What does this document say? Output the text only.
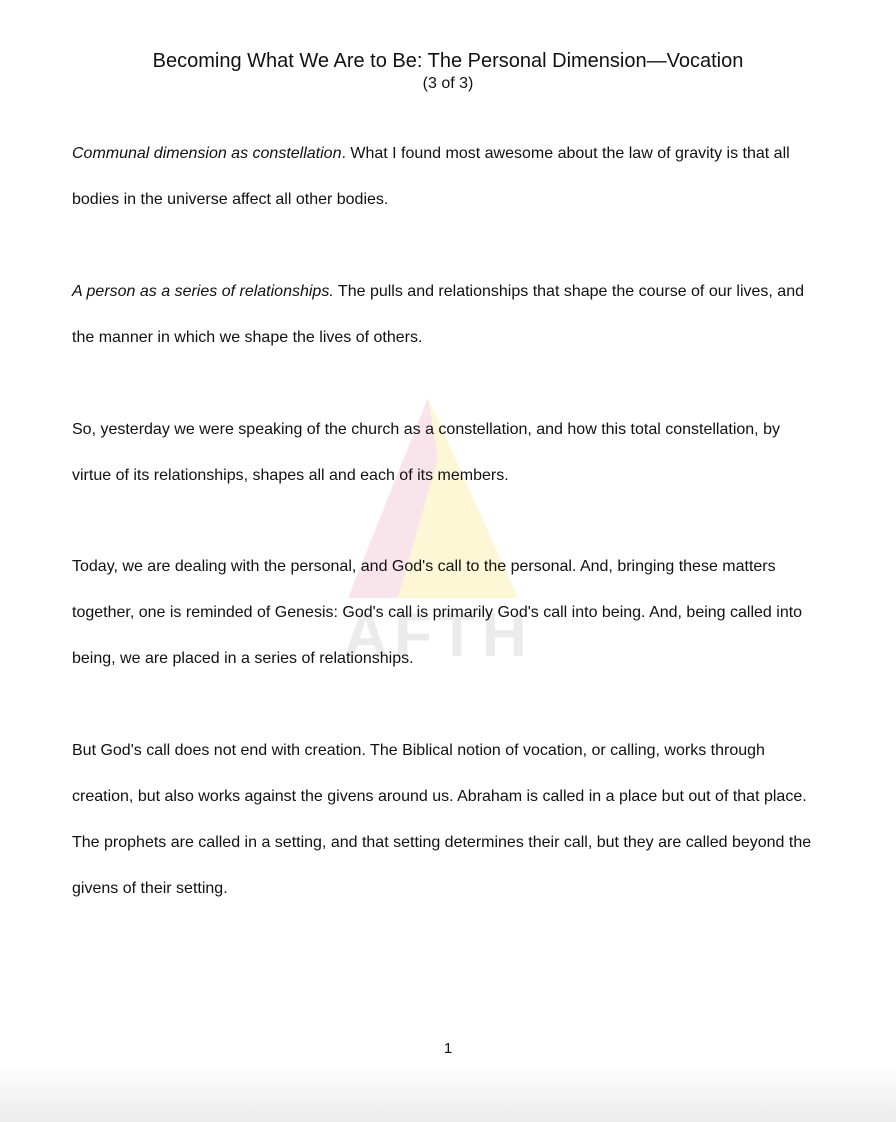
AFTH
Becoming What We Are to Be: The Personal Dimension—Vocation
(3 of 3)

Communal dimension as constellation. What I found most awesome about the law of gravity is that all bodies in the universe affect all other bodies.

A person as a series of relationships. The pulls and relationships that shape the course of our lives, and the manner in which we shape the lives of others.

So, yesterday we were speaking of the church as a constellation, and how this total constellation, by virtue of its relationships, shapes all and each of its members.

Today, we are dealing with the personal, and God's call to the personal. And, bringing these matters together, one is reminded of Genesis: God's call is primarily God's call into being. And, being called into being, we are placed in a series of relationships.

But God's call does not end with creation. The Biblical notion of vocation, or calling, works through creation, but also works against the givens around us. Abraham is called in a place but out of that place. The prophets are called in a setting, and that setting determines their call, but they are called beyond the givens of their setting.

1
